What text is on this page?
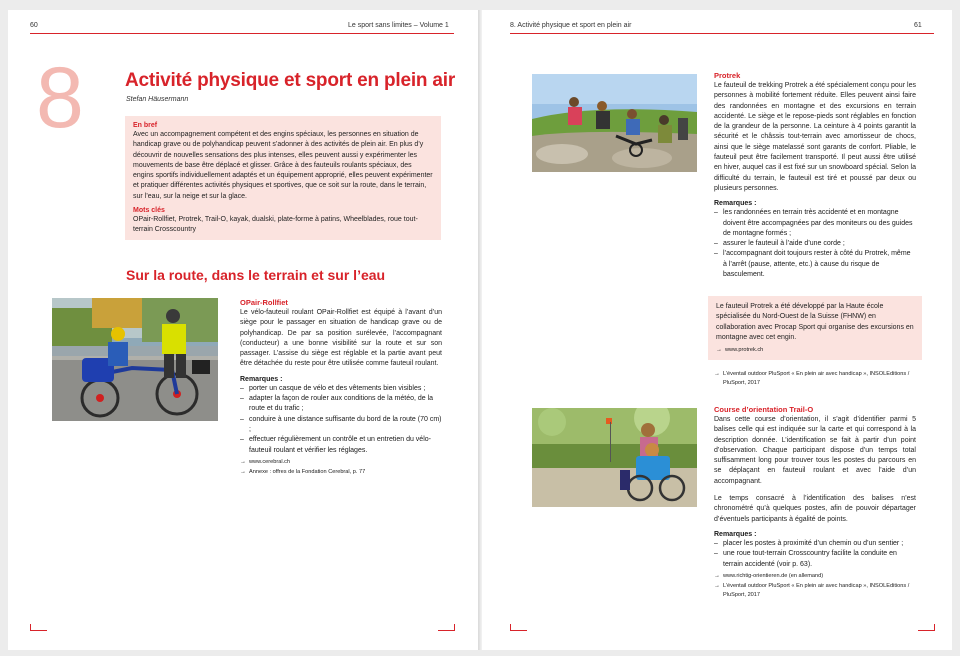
60	Le sport sans limites – Volume 1
8 Activité physique et sport en plein air
Stefan Häusermann
En bref
Avec un accompagnement compétent et des engins spéciaux, les personnes en situation de handicap grave ou de polyhandicap peuvent s’adonner à des activités de plein air. En plus d’y découvrir de nouvelles sensations des plus intenses, elles peuvent aussi y expérimenter les mouvements de base être déplacé et glisser. Grâce à des fauteuils roulants spéciaux, des engins sportifs individuellement adaptés et un équipement approprié, elles peuvent expérimenter et pratiquer différentes activités physiques et sportives, que ce soit sur la route, dans le terrain, sur l’eau, sur la neige et sur la glace.
Mots clés
OPair-Rollfiet, Protrek, Trail-O, kayak, dualski, plate-forme à patins, Wheelblades, roue tout-terrain Crosscountry
Sur la route, dans le terrain et sur l’eau
OPair-Rollfiet
Le vélo-fauteuil roulant OPair-Rollfiet est équipé à l’avant d’un siège pour le passager en situation de handicap grave ou de polyhandicap. De par sa position surélevée, l’accompagnant (conducteur) a une bonne visibilité sur la route et sur son passager. L’assise du siège est réglable et la partie avant peut être détachée du reste pour être utilisée comme fauteuil roulant.
Remarques :
– porter un casque de vélo et des vêtements bien visibles ;
– adapter la façon de rouler aux conditions de la météo, de la route et du trafic ;
– conduire à une distance suffisante du bord de la route (70 cm) ;
– effectuer régulièrement un contrôle et un entretien du vélo-fauteuil roulant et vérifier les réglages.
→ www.cerebral.ch
→ Annexe : offres de la Fondation Cerebral, p. 77
8. Activité physique et sport en plein air	61
Protrek
Le fauteuil de trekking Protrek a été spécialement conçu pour les personnes à mobilité fortement réduite. Elles peuvent ainsi faire des randonnées en montagne et des excursions en terrain accidenté. Le siège et le repose-pieds sont réglables en fonction de la grandeur de la personne. La ceinture à 4 points garantit la sécurité et le châssis tout-terrain avec amortisseur de chocs, ainsi que le siège matelassé sont garants de confort. Pliable, le fauteuil peut être facilement transporté. Il peut aussi être utilisé en hiver, auquel cas il est fixé sur un snowboard spécial. Selon la difficulté du terrain, le fauteuil est tiré et poussé par deux ou plusieurs personnes.
Remarques :
– les randonnées en terrain très accidenté et en montagne doivent être accompagnées par des moniteurs ou des guides de montagne formés ;
– assurer le fauteuil à l’aide d’une corde ;
– l’accompagnant doit toujours rester à côté du Protrek, même à l’arrêt (pause, attente, etc.) à cause du risque de basculement.
Le fauteuil Protrek a été développé par la Haute école spécialisée du Nord-Ouest de la Suisse (FHNW) en collaboration avec Procap Sport qui organise des excursions en montagne avec cet engin.
→ www.protrek.ch
→ L’éventail outdoor PluSport « En plein air avec handicap », INSOLEditions / PluSport, 2017
Course d’orientation Trail-O
Dans cette course d’orientation, il s’agit d’identifier parmi 5 balises celle qui est indiquée sur la carte et qui correspond à la description donnée. L’identification se fait à partir d’un point d’observation. Chaque participant dispose d’un temps total suffisamment long pour trouver tous les postes du parcours en se déplaçant en fauteuil roulant et avec l’aide d’un accompagnant.
Le temps consacré à l’identification des balises n’est chronométré qu’à quelques postes, afin de pouvoir départager d’éventuels participants à égalité de points.
Remarques :
– placer les postes à proximité d’un chemin ou d’un sentier ;
– une roue tout-terrain Crosscountry facilite la conduite en terrain accidenté (voir p. 63).
→ www.richtig-orientieren.de (en allemand)
→ L’éventail outdoor PluSport « En plein air avec handicap », INSOLEditions / PluSport, 2017
